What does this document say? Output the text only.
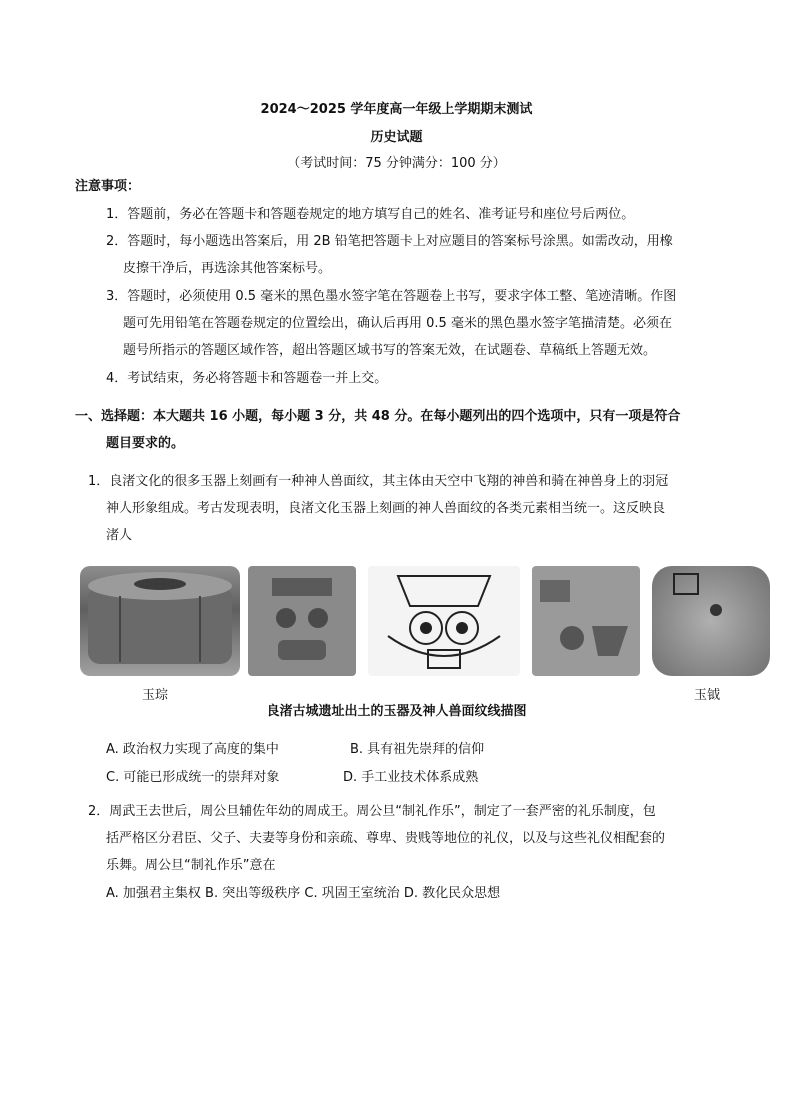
2024～2025 学年度高一年级上学期期末测试
历史试题
（考试时间：75 分钟满分：100 分）
注意事项：
1．答题前，务必在答题卡和答题卷规定的地方填写自己的姓名、准考证号和座位号后两位。
2．答题时，每小题选出答案后，用 2B 铅笔把答题卡上对应题目的答案标号涂黑。如需改动，用橡
皮擦干净后，再选涂其他答案标号。
3．答题时，必须使用 0.5 毫米的黑色墨水签字笔在答题卷上书写，要求字体工整、笔迹清晰。作图
题可先用铅笔在答题卷规定的位置绘出，确认后再用 0.5 毫米的黑色墨水签字笔描清楚。必须在
题号所指示的答题区域作答，超出答题区域书写的答案无效，在试题卷、草稿纸上答题无效。
4．考试结束，务必将答题卡和答题卷一并上交。
一、选择题：本大题共 16 小题，每小题 3 分，共 48 分。在每小题列出的四个选项中，只有一项是符合
题目要求的。
1．良渚文化的很多玉器上刻画有一种神人兽面纹，其主体由天空中飞翔的神兽和骑在神兽身上的羽冠
神人形象组成。考古发现表明，良渚文化玉器上刻画的神人兽面纹的各类元素相当统一。这反映良
渚人
玉琮	玉钺
良渚古城遗址出土的玉器及神人兽面纹线描图
A. 政治权力实现了高度的集中	B. 具有祖先崇拜的信仰
C. 可能已形成统一的崇拜对象	D. 手工业技术体系成熟
2．周武王去世后，周公旦辅佐年幼的周成王。周公旦“制礼作乐”，制定了一套严密的礼乐制度，包
括严格区分君臣、父子、夫妻等身份和亲疏、尊卑、贵贱等地位的礼仪，以及与这些礼仪相配套的
乐舞。周公旦“制礼作乐”意在
A. 加强君主集权 B. 突出等级秩序 C. 巩固王室统治 D. 教化民众思想
